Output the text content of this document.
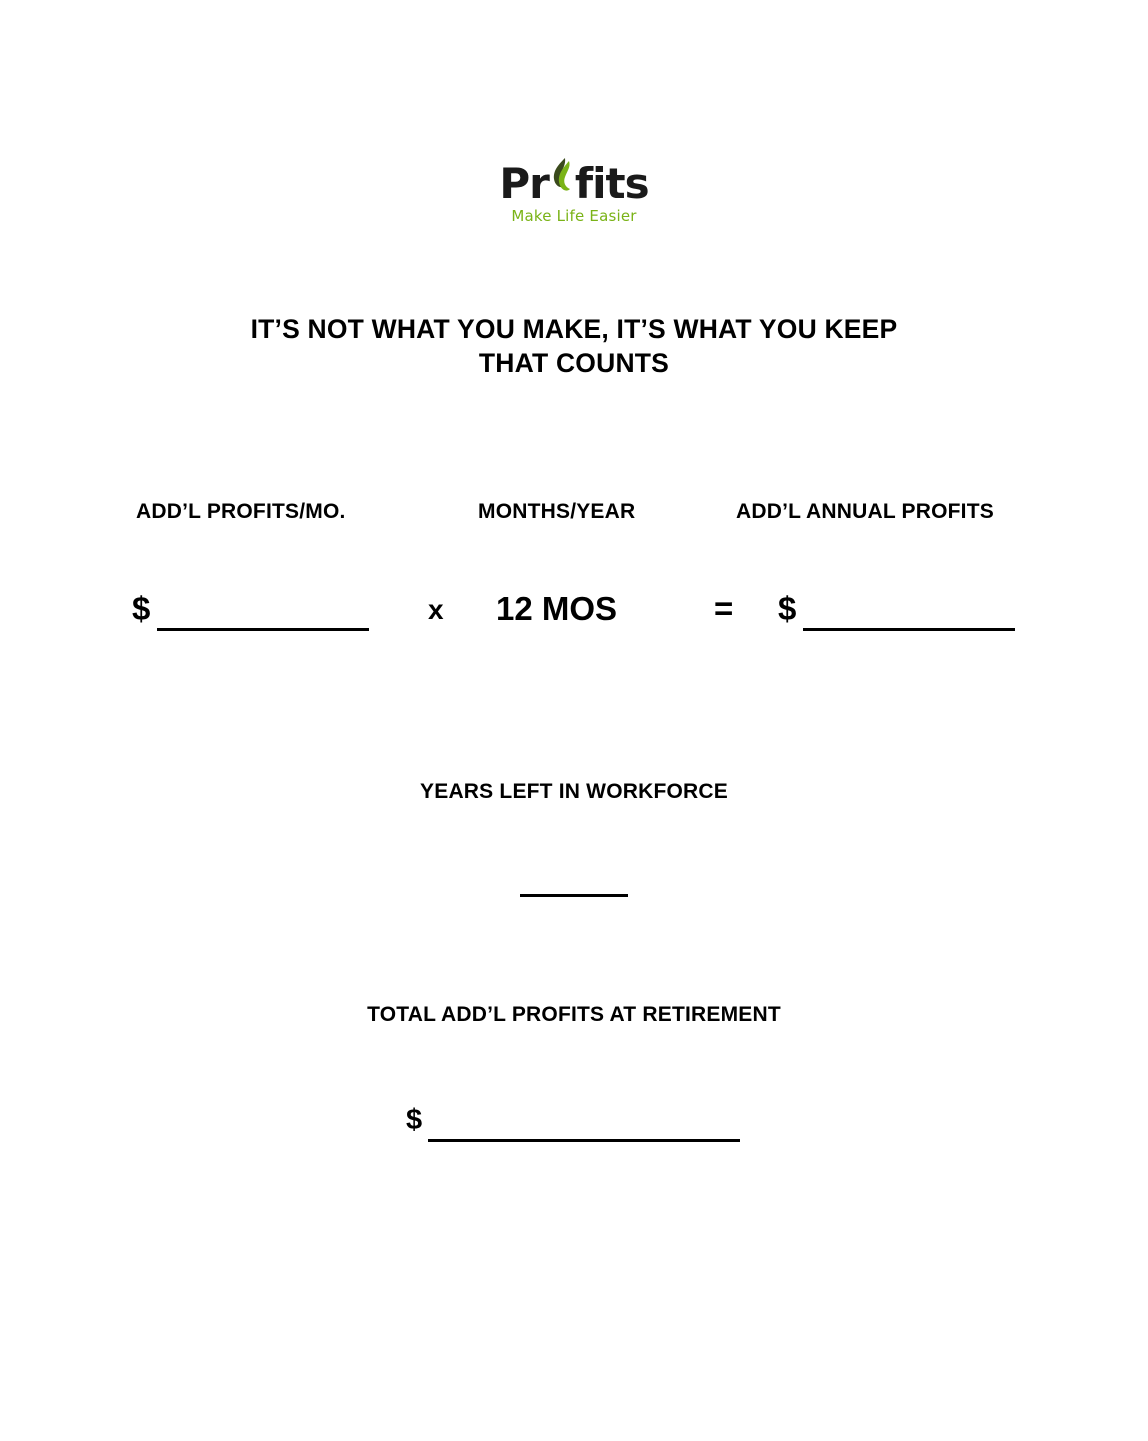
Pr fits
Make Life Easier
IT’S NOT WHAT YOU MAKE, IT’S WHAT YOU KEEP
THAT COUNTS
ADD’L PROFITS/MO.	MONTHS/YEAR	ADD’L ANNUAL PROFITS
$	x 12 MOS	= $
YEARS LEFT IN WORKFORCE
TOTAL ADD’L PROFITS AT RETIREMENT
$
